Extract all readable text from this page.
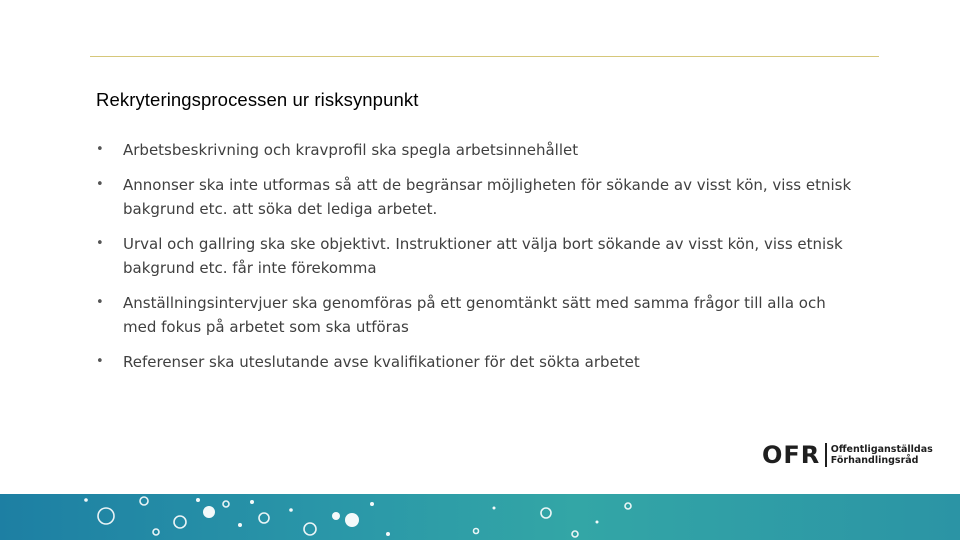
Rekryteringsprocessen ur risksynpunkt
• Arbetsbeskrivning och kravprofil ska spegla arbetsinnehållet
• Annonser ska inte utformas så att de begränsar möjligheten för sökande av visst kön, viss etnisk bakgrund etc. att söka det lediga arbetet.
• Urval och gallring ska ske objektivt. Instruktioner att välja bort sökande av visst kön, viss etnisk bakgrund etc. får inte förekomma
• Anställningsintervjuer ska genomföras på ett genomtänkt sätt med samma frågor till alla och med fokus på arbetet som ska utföras
• Referenser ska uteslutande avse kvalifikationer för det sökta arbetet
OFR Offentliganställdas
Förhandlingsråd
